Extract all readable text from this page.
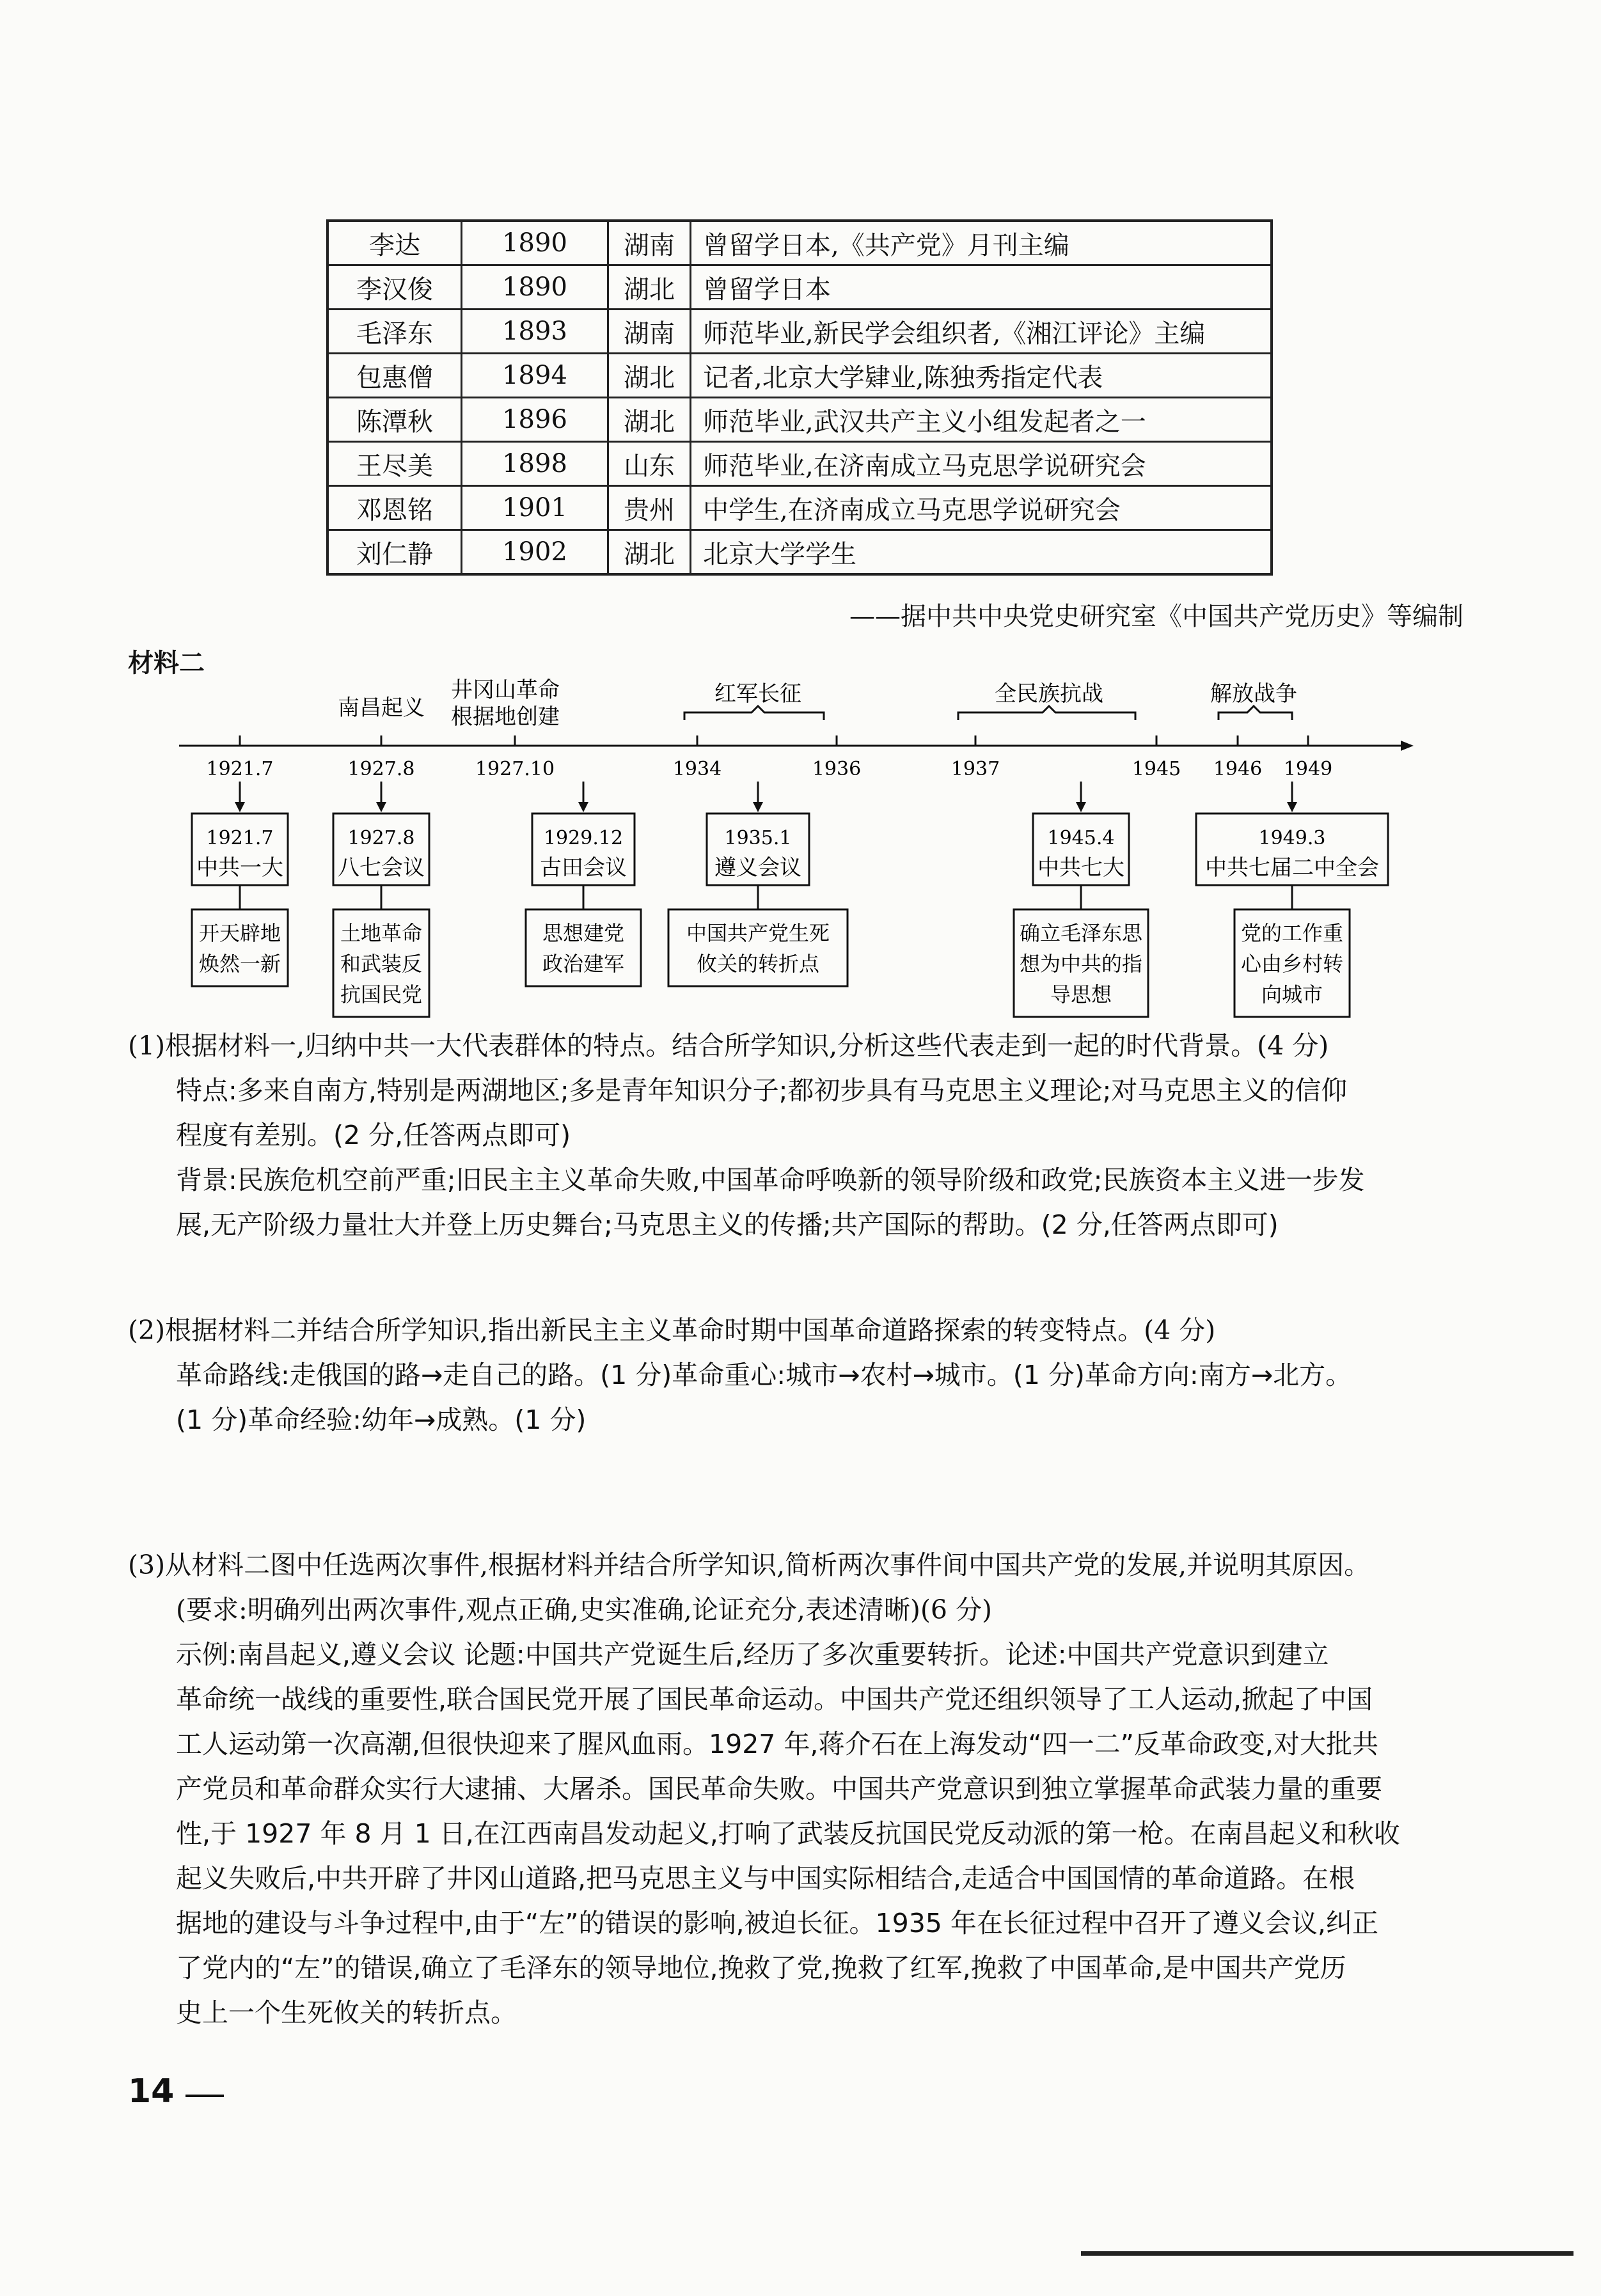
李达	1890	湖南	曾留学日本,《共产党》月刊主编
李汉俊	1890	湖北	曾留学日本
毛泽东	1893	湖南	师范毕业,新民学会组织者,《湘江评论》主编
包惠僧	1894	湖北	记者,北京大学肄业,陈独秀指定代表
陈潭秋	1896	湖北	师范毕业,武汉共产主义小组发起者之一
王尽美	1898	山东	师范毕业,在济南成立马克思学说研究会
邓恩铭	1901	贵州	中学生,在济南成立马克思学说研究会
刘仁静	1902	湖北	北京大学学生
——据中共中央党史研究室《中国共产党历史》等编制
材料二
南昌起义
井冈山革命
根据地创建
红军长征	全民族抗战	解放战争
1921.7	1927.8	1927.10	1934	1936	1937	1945 1946 1949
1921.7
中共一大
开天辟地
焕然一新
1927.8
八七会议
土地革命
和武装反
抗国民党
1929.12
古田会议
思想建党
政治建军
1935.1
遵义会议
中国共产党生死
攸关的转折点
1945.4
中共七大
确立毛泽东思
想为中共的指
导思想
1949.3
中共七届二中全会
党的工作重
心由乡村转
向城市
(1)根据材料一,归纳中共一大代表群体的特点。结合所学知识,分析这些代表走到一起的时代背景。(4 分)
特点:多来自南方,特别是两湖地区;多是青年知识分子;都初步具有马克思主义理论;对马克思主义的信仰
程度有差别。(2 分,任答两点即可)
背景:民族危机空前严重;旧民主主义革命失败,中国革命呼唤新的领导阶级和政党;民族资本主义进一步发
展,无产阶级力量壮大并登上历史舞台;马克思主义的传播;共产国际的帮助。(2 分,任答两点即可)
(2)根据材料二并结合所学知识,指出新民主主义革命时期中国革命道路探索的转变特点。(4 分)
革命路线:走俄国的路→走自己的路。(1 分)革命重心:城市→农村→城市。(1 分)革命方向:南方→北方。
(1 分)革命经验:幼年→成熟。(1 分)
(3)从材料二图中任选两次事件,根据材料并结合所学知识,简析两次事件间中国共产党的发展,并说明其原因。
(要求:明确列出两次事件,观点正确,史实准确,论证充分,表述清晰)(6 分)
示例:南昌起义,遵义会议 论题:中国共产党诞生后,经历了多次重要转折。论述:中国共产党意识到建立
革命统一战线的重要性,联合国民党开展了国民革命运动。中国共产党还组织领导了工人运动,掀起了中国
工人运动第一次高潮,但很快迎来了腥风血雨。1927 年,蒋介石在上海发动“四一二”反革命政变,对大批共
产党员和革命群众实行大逮捕、大屠杀。国民革命失败。中国共产党意识到独立掌握革命武装力量的重要
性,于 1927 年 8 月 1 日,在江西南昌发动起义,打响了武装反抗国民党反动派的第一枪。在南昌起义和秋收
起义失败后,中共开辟了井冈山道路,把马克思主义与中国实际相结合,走适合中国国情的革命道路。在根
据地的建设与斗争过程中,由于“左”的错误的影响,被迫长征。1935 年在长征过程中召开了遵义会议,纠正
了党内的“左”的错误,确立了毛泽东的领导地位,挽救了党,挽救了红军,挽救了中国革命,是中国共产党历
史上一个生死攸关的转折点。
14
